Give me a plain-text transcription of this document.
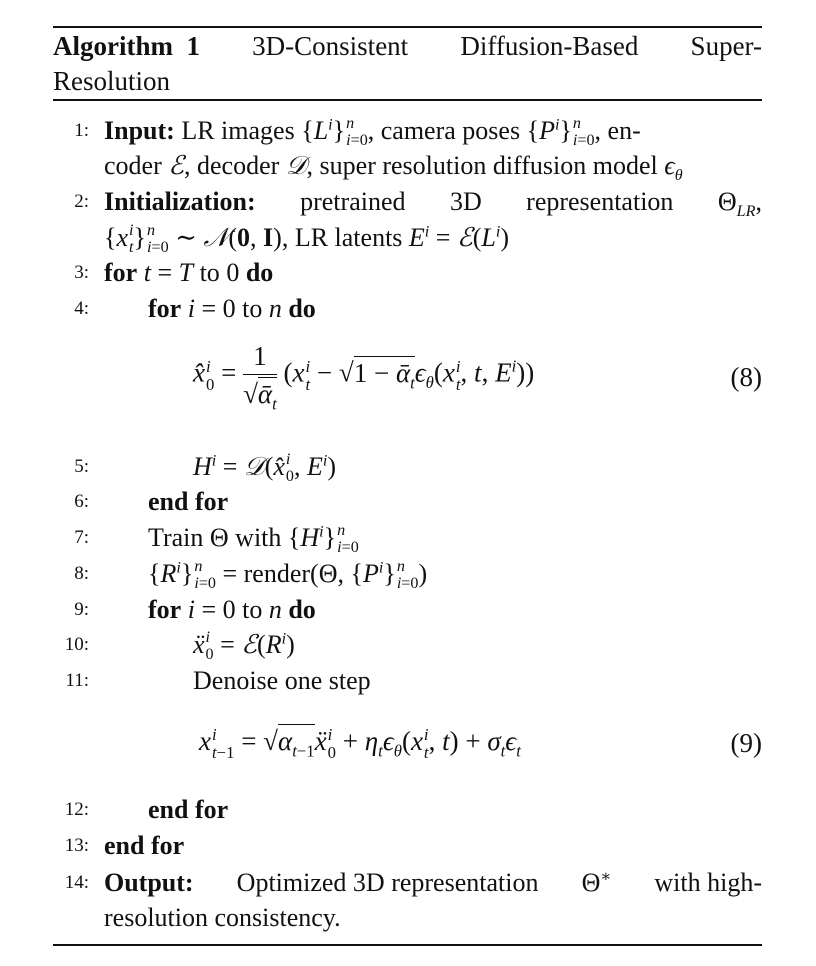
Algorithm 1 3D-Consistent Diffusion-Based Super-
Resolution
1: Input: LR images $\{L^i\}$ n
i=0 , camera poses $\{P^i\}$ n
i=0 , en-
coder ℰ, decoder 𝒟, super resolution diffusion model $\epsilon_\theta$
2: Initialization: pretrained 3D representation $\Theta_{LR}$,
{x i
t } n
i=0 ∼ 𝒩(0, I), LR latents $E^i$ = $ℰ(L^i)$
3: for t = T to 0 do
4: for i = 0 to n do
x̂ i
$0 = \frac{1}{√ᾱ_t} (x$ i
$t - √1 - ᾱ_t\epsilon_\theta(x$ i
t , t, $E^i$))	(8)
5:	$H^i$ = 𝒟(x̂ i
0 , $E^i$)
6: end for
7: Train Θ with $\{H^i\}$ n
i=0
8: $\{R^i\}$ n
i=0 = render(Θ, $\{P^i\}$ n
i=0 )
9: for i = 0 to n do
10:	ẍ i
$0 = ℰ(R^i)$
11:	Denoise one step
x i
$t-1 = √\alpha_{t-1}ẍ$ i
$0 + \eta_t\epsilon_\theta(x$ i
t , $t) + \sigma_t\epsilon_t$	(9)
12: end for
13: end for
14: Output: Optimized 3D representation Θ∗ with high-
resolution consistency.
